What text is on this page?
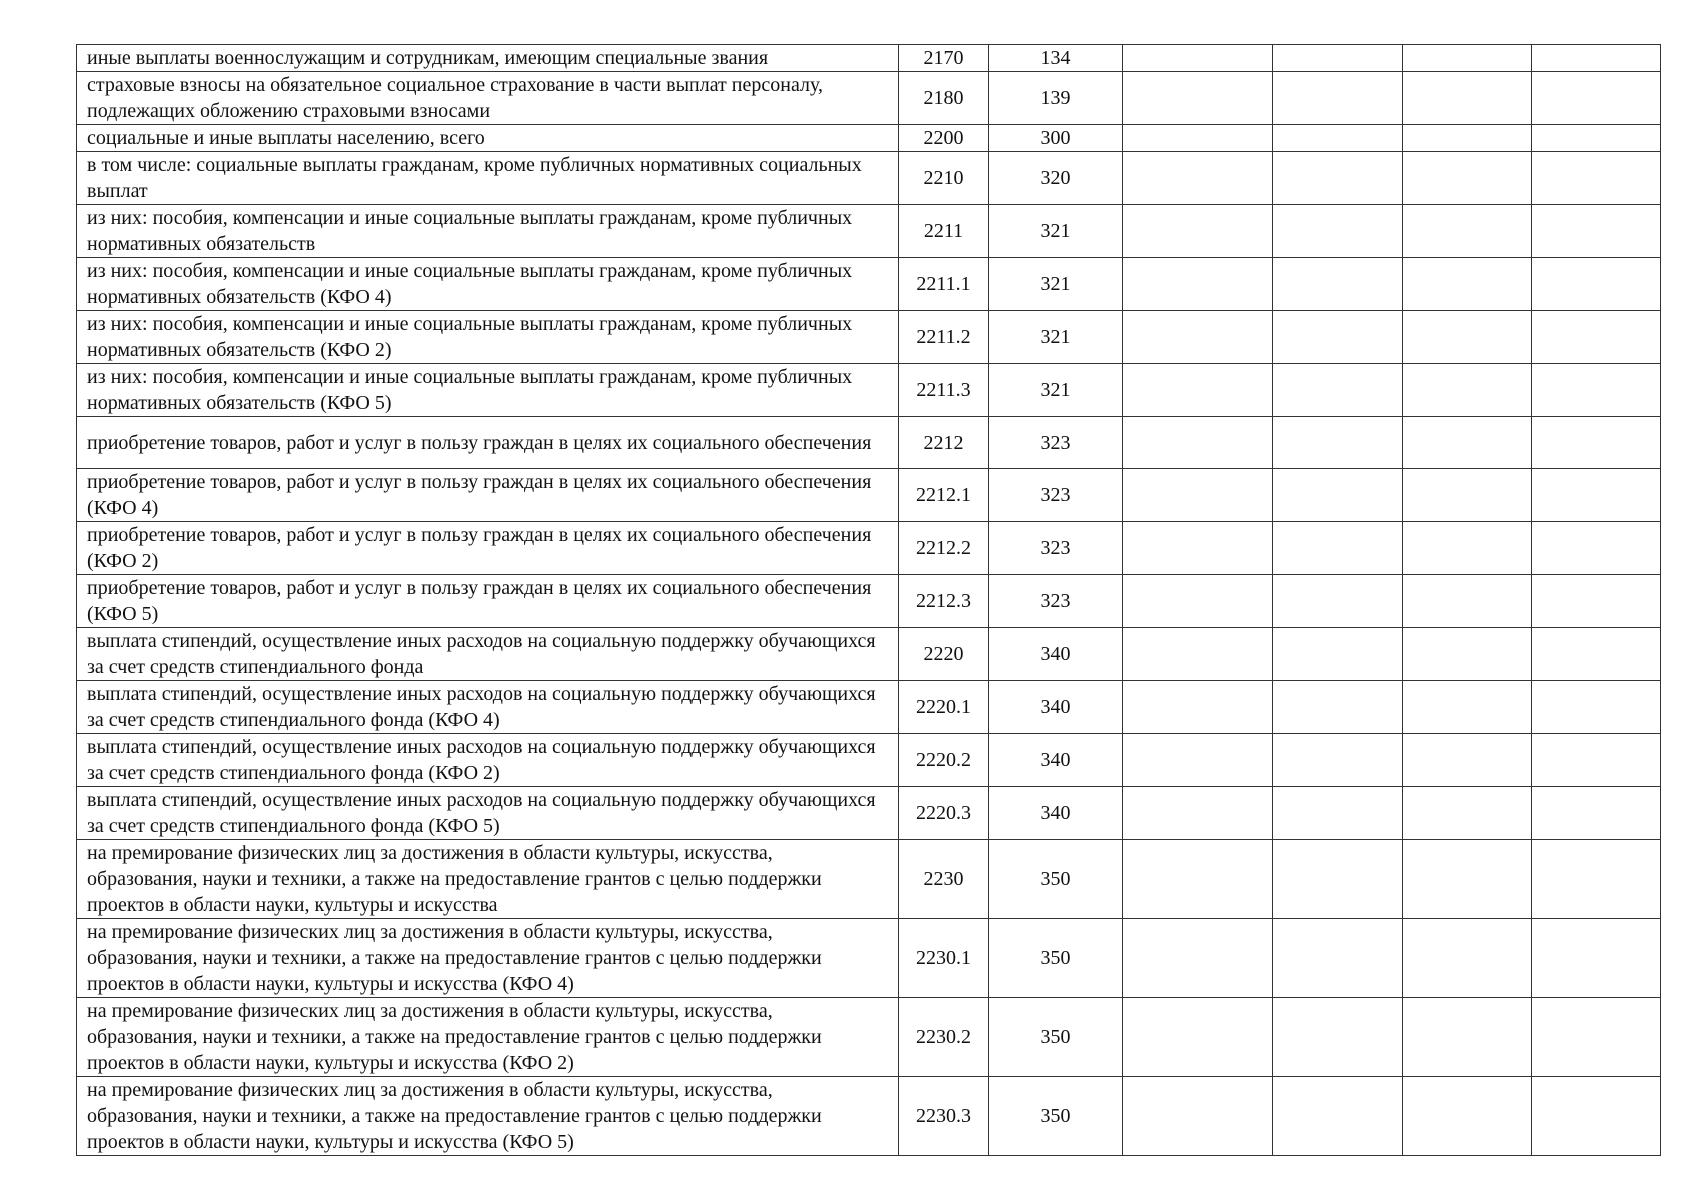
иные выплаты военнослужащим и сотрудникам, имеющим специальные звания	2170	134				
страховые взносы на обязательное социальное страхование в части выплат персоналу, подлежащих обложению страховыми взносами	2180	139				
социальные и иные выплаты населению, всего	2200	300				
в том числе: социальные выплаты гражданам, кроме публичных нормативных социальных выплат	2210	320				
из них: пособия, компенсации и иные социальные выплаты гражданам, кроме публичных нормативных обязательств	2211	321				
из них: пособия, компенсации и иные социальные выплаты гражданам, кроме публичных нормативных обязательств (КФО 4)	2211.1	321				
из них: пособия, компенсации и иные социальные выплаты гражданам, кроме публичных нормативных обязательств (КФО 2)	2211.2	321				
из них: пособия, компенсации и иные социальные выплаты гражданам, кроме публичных нормативных обязательств (КФО 5)	2211.3	321				
приобретение товаров, работ и услуг в пользу граждан в целях их социального обеспечения	2212	323				
приобретение товаров, работ и услуг в пользу граждан в целях их социального обеспечения (КФО 4)	2212.1	323				
приобретение товаров, работ и услуг в пользу граждан в целях их социального обеспечения (КФО 2)	2212.2	323				
приобретение товаров, работ и услуг в пользу граждан в целях их социального обеспечения (КФО 5)	2212.3	323				
выплата стипендий, осуществление иных расходов на социальную поддержку обучающихся за счет средств стипендиального фонда	2220	340				
выплата стипендий, осуществление иных расходов на социальную поддержку обучающихся за счет средств стипендиального фонда (КФО 4)	2220.1	340				
выплата стипендий, осуществление иных расходов на социальную поддержку обучающихся за счет средств стипендиального фонда (КФО 2)	2220.2	340				
выплата стипендий, осуществление иных расходов на социальную поддержку обучающихся за счет средств стипендиального фонда (КФО 5)	2220.3	340				
на премирование физических лиц за достижения в области культуры, искусства, образования, науки и техники, а также на предоставление грантов с целью поддержки проектов в области науки, культуры и искусства	2230	350				
на премирование физических лиц за достижения в области культуры, искусства, образования, науки и техники, а также на предоставление грантов с целью поддержки проектов в области науки, культуры и искусства (КФО 4)	2230.1	350				
на премирование физических лиц за достижения в области культуры, искусства, образования, науки и техники, а также на предоставление грантов с целью поддержки проектов в области науки, культуры и искусства (КФО 2)	2230.2	350				
на премирование физических лиц за достижения в области культуры, искусства, образования, науки и техники, а также на предоставление грантов с целью поддержки проектов в области науки, культуры и искусства (КФО 5)	2230.3	350				
